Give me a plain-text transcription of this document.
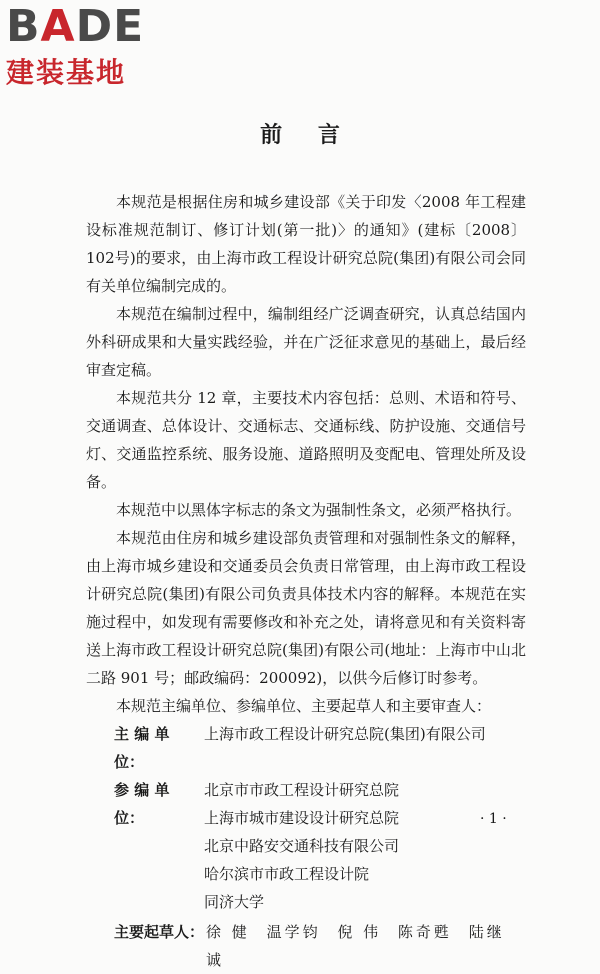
BADE
建装基地
前 言

本规范是根据住房和城乡建设部《关于印发〈2008 年工程建设标准规范制订、修订计划(第一批)〉的通知》(建标〔2008〕102号)的要求，由上海市政工程设计研究总院(集团)有限公司会同有关单位编制完成的。

本规范在编制过程中，编制组经广泛调查研究，认真总结国内外科研成果和大量实践经验，并在广泛征求意见的基础上，最后经审查定稿。

本规范共分 12 章，主要技术内容包括：总则、术语和符号、交通调查、总体设计、交通标志、交通标线、防护设施、交通信号灯、交通监控系统、服务设施、道路照明及变配电、管理处所及设备。

本规范中以黑体字标志的条文为强制性条文，必须严格执行。

本规范由住房和城乡建设部负责管理和对强制性条文的解释，由上海市城乡建设和交通委员会负责日常管理，由上海市政工程设计研究总院(集团)有限公司负责具体技术内容的解释。本规范在实施过程中，如发现有需要修改和补充之处，请将意见和有关资料寄送上海市政工程设计研究总院(集团)有限公司(地址：上海市中山北二路 901 号；邮政编码：200092)，以供今后修订时参考。

本规范主编单位、参编单位、主要起草人和主要审查人：

主 编 单 位：
上海市政工程设计研究总院(集团)有限公司
参 编 单 位：
北京市市政工程设计研究总院
上海市城市建设设计研究总院
北京中路安交通科技有限公司
哈尔滨市市政工程设计院
同济大学
主要起草人： 徐 健 温学钧 倪 伟 陈奇甦 陆继诚
· 1 ·
